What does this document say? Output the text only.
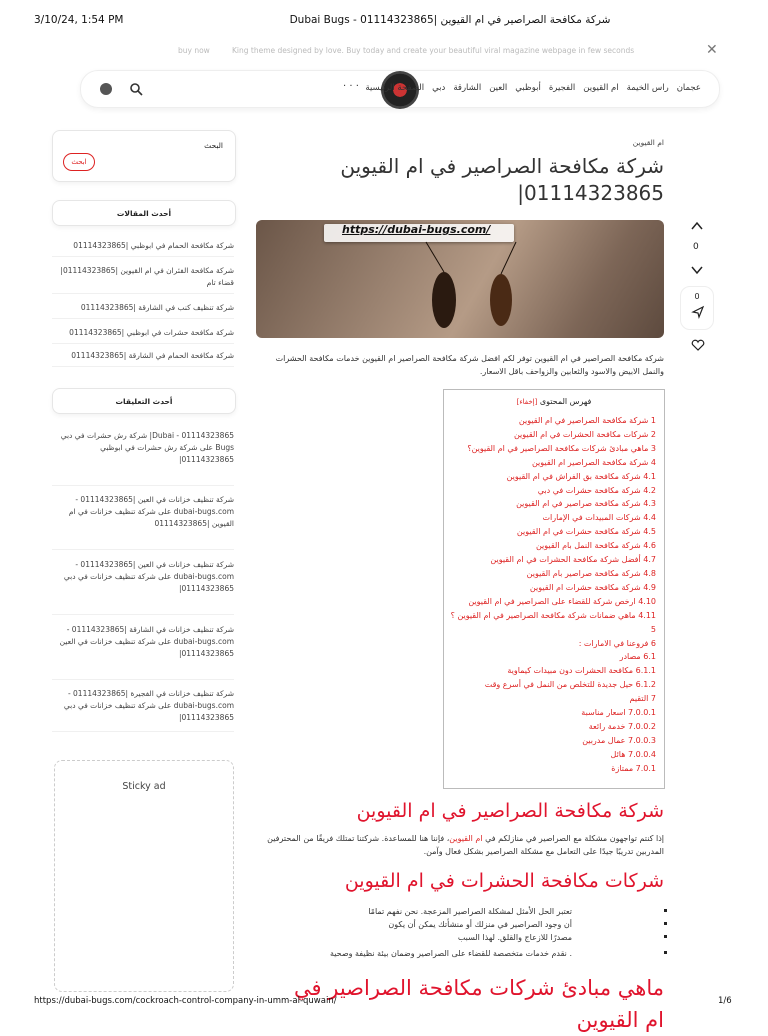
3/10/24, 1:54 PM	Dubai Bugs - شركة مكافحة الصراصير في ام القيوين |01114323865
buy now	King theme designed by love. Buy today and create your beautiful viral magazine webpage in few seconds	✕
· · · الصفحة الرئيسية دبي الشارقة العين أبوظبي الفجيرة ام القيوين راس الخيمة عجمان
البحث
ابحث
أحدث المقالات
شركة مكافحة الحمام في ابوظبي |01114323865
شركة مكافحة الفئران في ام القيوين |01114323865| قضاء تام
شركة تنظيف كنب في الشارقة |01114323865
شركة مكافحة حشرات في ابوظبي |01114323865
شركة مكافحة الحمام في الشارقة |01114323865
أحدث التعليقات
Dubai - 01114323865| شركة رش حشرات في دبي Bugs على شركة رش حشرات في ابوظبي 01114323865|
شركة تنظيف خزانات في العين |01114323865 - dubai-bugs.com على شركة تنظيف خزانات في ام القيوين |01114323865
شركة تنظيف خزانات في العين |01114323865 - dubai-bugs.com على شركة تنظيف خزانات في دبي 01114323865|
شركة تنظيف خزانات في الشارقة |01114323865 - dubai-bugs.com على شركة تنظيف خزانات في العين 01114323865|
شركة تنظيف خزانات في الفجيرة |01114323865 - dubai-bugs.com على شركة تنظيف خزانات في دبي 01114323865|
Sticky ad
ام القيوين
شركة مكافحة الصراصير في ام القيوين
01114323865|
0
0
https://dubai-bugs.com/
شركة مكافحة الصراصير في ام القيوين توفر لكم افضل شركة مكافحة الصراصير ام القيوين خدمات مكافحة الحشرات والنمل الابيض والاسود والثعابين والزواحف باقل الاسعار.
فهرس المحتوى [إخفاء]
1 شركة مكافحة الصراصير في ام القيوين
2 شركات مكافحة الحشرات في ام القيوين
3 ماهي مبادئ شركات مكافحة الصراصير في ام القيوين؟
4 شركة مكافحة الصراصير ام القيوين
4.1 شركة مكافحة بق الفراش في ام القيوين
4.2 شركة مكافحة حشرات في دبي
4.3 شركة مكافحة صراصير في ام القيوين
4.4 شركات المبيدات في الإمارات
4.5 شركة مكافحة حشرات في ام القيوين
4.6 شركة مكافحة النمل بام القيوين
4.7 أفضل شركة مكافحة الحشرات في ام القيوين
4.8 شركة مكافحة صراصير بام القيوين
4.9 شركة مكافحة حشرات ام القيوين
4.10 ارخص شركة للقضاء على الصراصير في ام القيوين
4.11 ماهي ضمانات شركة مكافحة الصراصير في ام القيوين ؟
5
6 فروعنا في الامارات :
6.1 مصادر
6.1.1 مكافحة الحشرات دون مبيدات كيماوية
6.1.2 حيل جديدة للتخلص من النمل في أسرع وقت
7 التقيم
7.0.0.1 اسعار مناسبة
7.0.0.2 خدمة رائعة
7.0.0.3 عمال مدربين
7.0.0.4 هائل
7.0.1 ممتازة
شركة مكافحة الصراصير في ام القيوين
إذا كنتم تواجهون مشكلة مع الصراصير في منازلكم في ام القيوين، فإننا هنا للمساعدة. شركتنا تمتلك فريقًا من المحترفين المدربين تدريبًا جيدًا على التعامل مع مشكلة الصراصير بشكل فعال وآمن.
شركات مكافحة الحشرات في ام القيوين
تعتبر الحل الأمثل لمشكلة الصراصير المزعجة. نحن نفهم تمامًا
أن وجود الصراصير في منزلك أو منشأتك يمكن أن يكون
مصدرًا للازعاج والقلق. لهذا السبب
. نقدم خدمات متخصصة للقضاء على الصراصير وضمان بيئة نظيفة وصحية
ماهي مبادئ شركات مكافحة الصراصير في ام القيوين
https://dubai-bugs.com/cockroach-control-company-in-umm-al-quwain/	1/6
